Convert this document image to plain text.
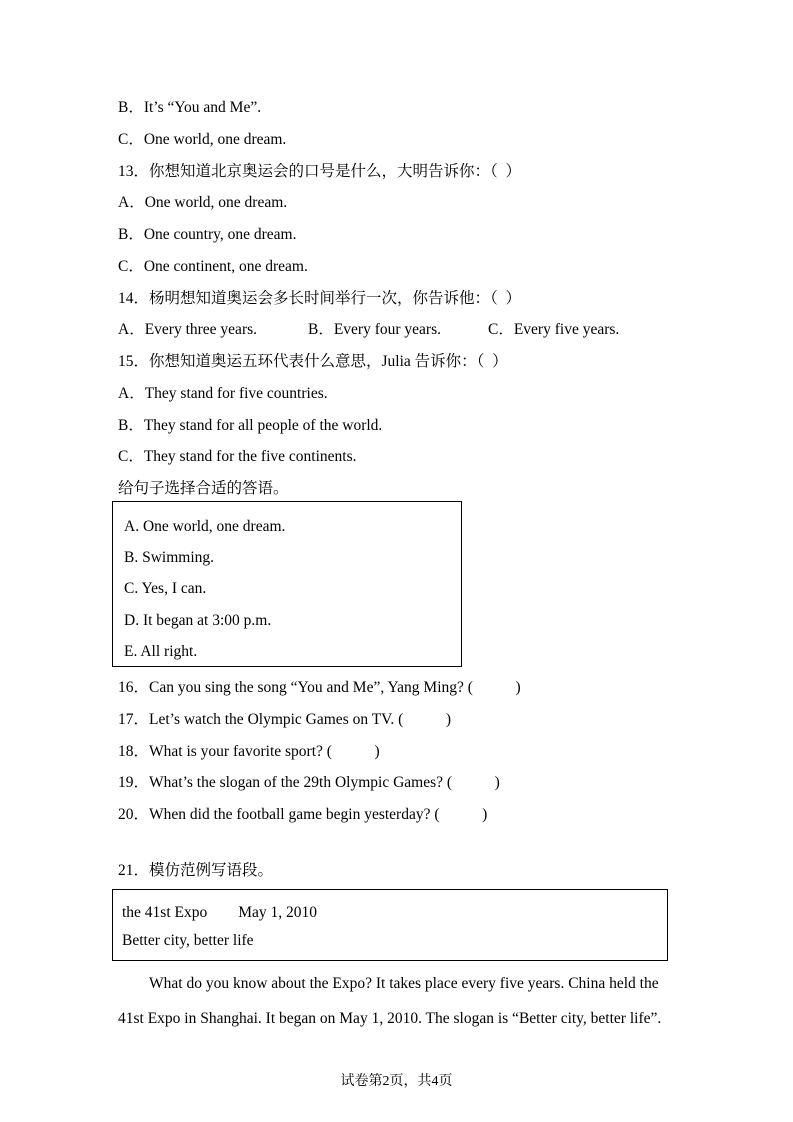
B．It’s “You and Me”.
C．One world, one dream.
13．你想知道北京奥运会的口号是什么，大明告诉你：（  ）
A．One world, one dream.
B．One country, one dream.
C．One continent, one dream.
14．杨明想知道奥运会多长时间举行一次，你告诉他：（  ）
A．Every three years.	B．Every four years.	C．Every five years.
15．你想知道奥运五环代表什么意思，Julia 告诉你：（  ）
A．They stand for five countries.
B．They stand for all people of the world.
C．They stand for the five continents.
给句子选择合适的答语。
A. One world, one dream.
B. Swimming.
C. Yes, I can.
D. It began at 3:00 p.m.
E. All right.
16．Can you sing the song “You and Me”, Yang Ming? (           )
17．Let’s watch the Olympic Games on TV. (           )
18．What is your favorite sport? (           )
19．What’s the slogan of the 29th Olympic Games? (           )
20．When did the football game begin yesterday? (           )
21．模仿范例写语段。
the 41st Expo        May 1, 2010
Better city, better life
What do you know about the Expo? It takes place every five years. China held the 41st Expo in Shanghai. It began on May 1, 2010. The slogan is “Better city, better life”.
试卷第2页，共4页
